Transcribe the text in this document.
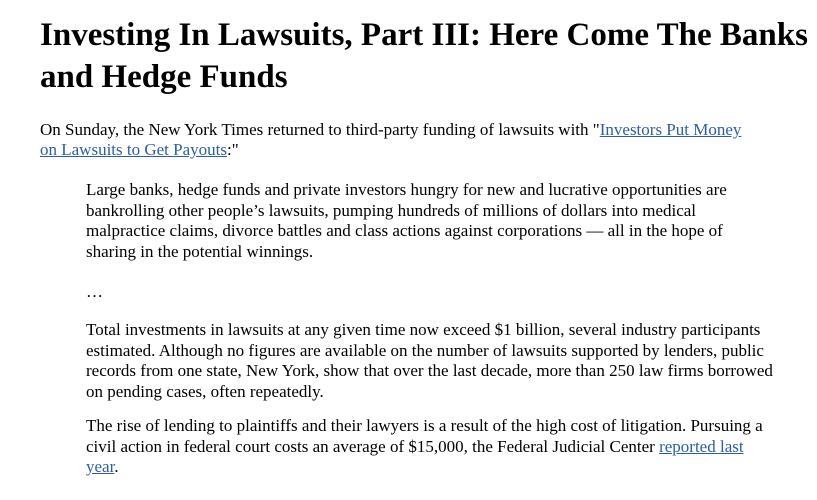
Investing In Lawsuits, Part III: Here Come The Banks and Hedge Funds

On Sunday, the New York Times returned to third-party funding of lawsuits with "Investors Put Money on Lawsuits to Get Payouts:"

Large banks, hedge funds and private investors hungry for new and lucrative opportunities are bankrolling other people’s lawsuits, pumping hundreds of millions of dollars into medical malpractice claims, divorce battles and class actions against corporations — all in the hope of sharing in the potential winnings.

…

Total investments in lawsuits at any given time now exceed $1 billion, several industry participants estimated. Although no figures are available on the number of lawsuits supported by lenders, public records from one state, New York, show that over the last decade, more than 250 law firms borrowed on pending cases, often repeatedly.

The rise of lending to plaintiffs and their lawyers is a result of the high cost of litigation. Pursuing a civil action in federal court costs an average of $15,000, the Federal Judicial Center reported last year.
